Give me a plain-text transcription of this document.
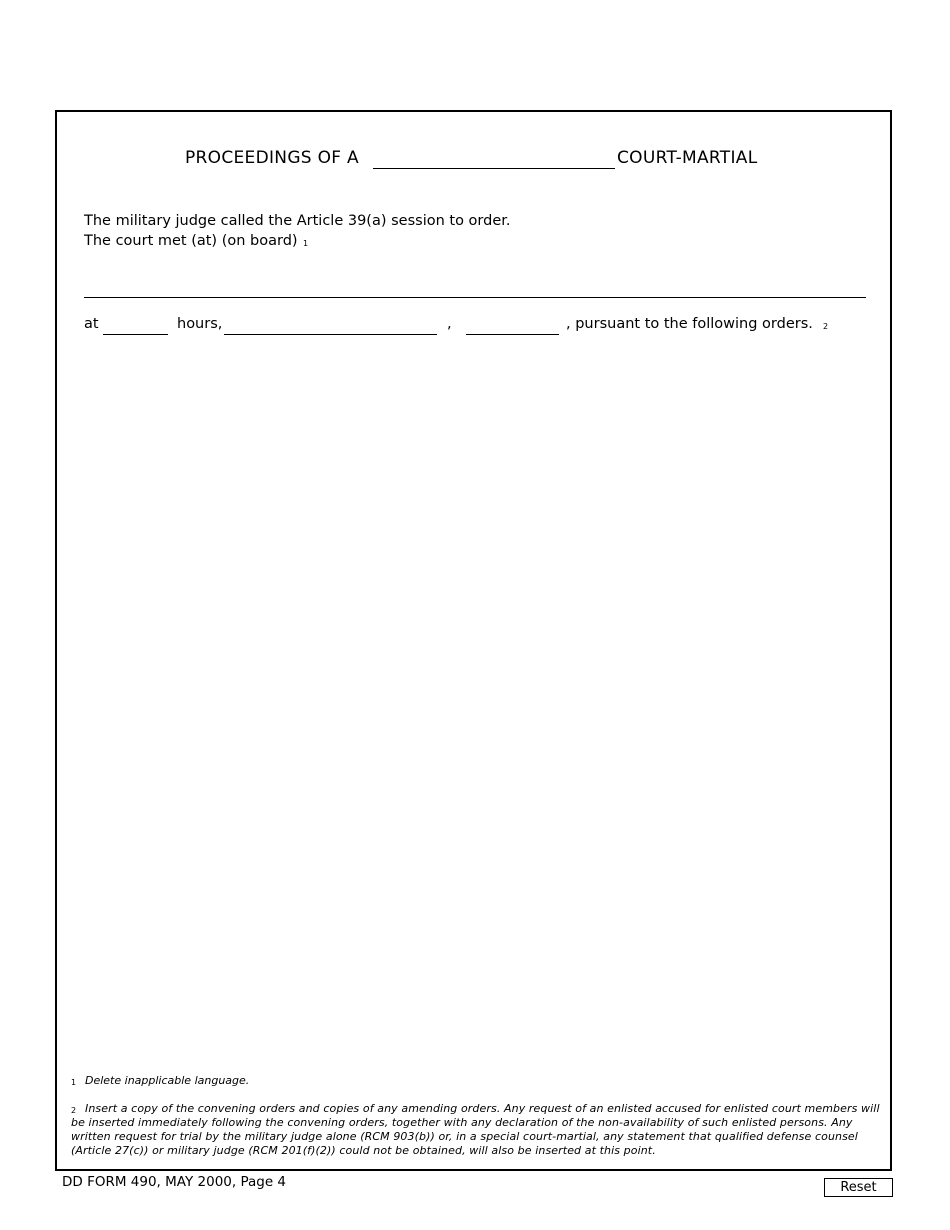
PROCEEDINGS OF A	COURT-MARTIAL
The military judge called the Article 39(a) session to order.
The court met (at) (on board) 1
at	hours,	,	, pursuant to the following orders. 2
1 Delete inapplicable language.
2 Insert a copy of the convening orders and copies of any amending orders. Any request of an enlisted accused for enlisted court members will be inserted immediately following the convening orders, together with any declaration of the non-availability of such enlisted persons. Any written request for trial by the military judge alone (RCM 903(b)) or, in a special court-martial, any statement that qualified defense counsel (Article 27(c)) or military judge (RCM 201(f)(2)) could not be obtained, will also be inserted at this point.
DD FORM 490, MAY 2000, Page 4	Reset
